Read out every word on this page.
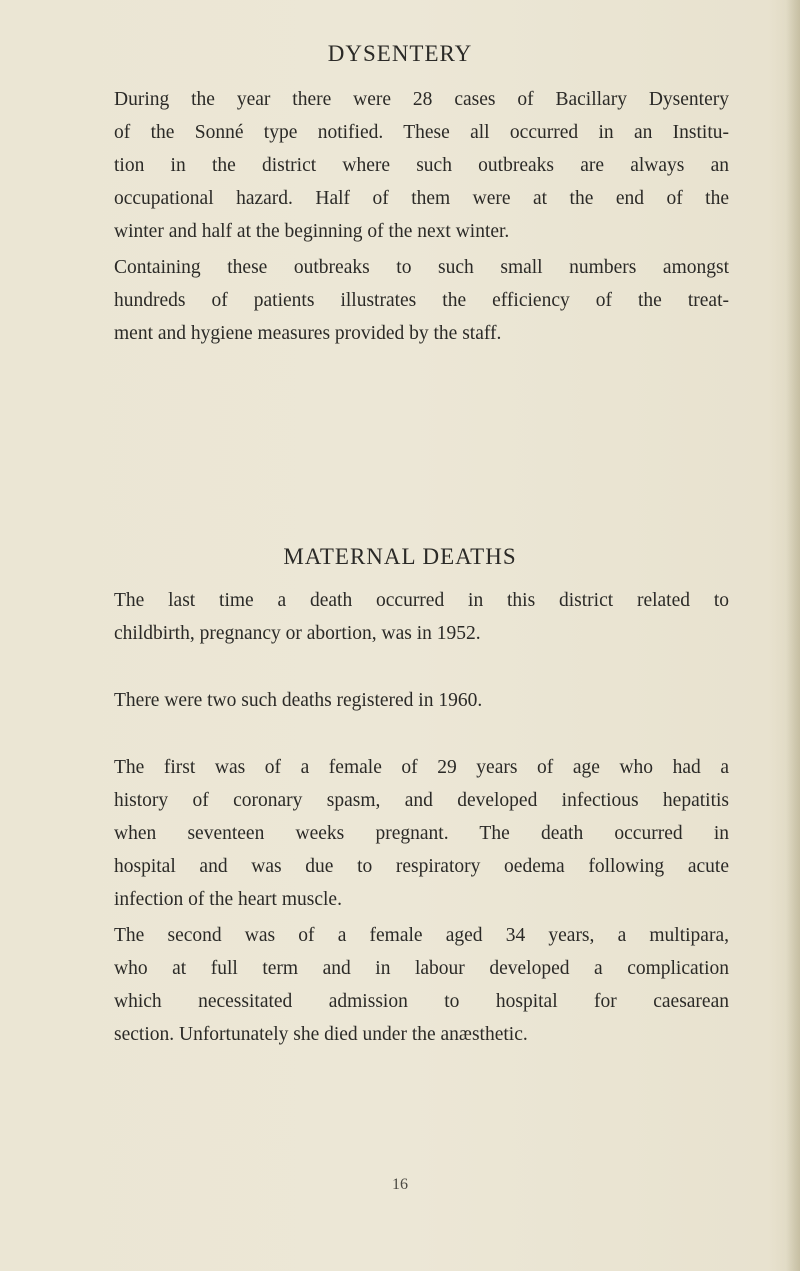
DYSENTERY

During the year there were 28 cases of Bacillary Dysentery
of the Sonné type notified. These all occurred in an Institu-
tion in the district where such outbreaks are always an
occupational hazard. Half of them were at the end of the
winter and half at the beginning of the next winter.

Containing these outbreaks to such small numbers amongst
hundreds of patients illustrates the efficiency of the treat-
ment and hygiene measures provided by the staff.

MATERNAL DEATHS

The last time a death occurred in this district related to
childbirth, pregnancy or abortion, was in 1952.

There were two such deaths registered in 1960.

The first was of a female of 29 years of age who had a
history of coronary spasm, and developed infectious hepatitis
when seventeen weeks pregnant. The death occurred in
hospital and was due to respiratory oedema following acute
infection of the heart muscle.

The second was of a female aged 34 years, a multipara,
who at full term and in labour developed a complication
which necessitated admission to hospital for caesarean
section. Unfortunately she died under the anæsthetic.

16
